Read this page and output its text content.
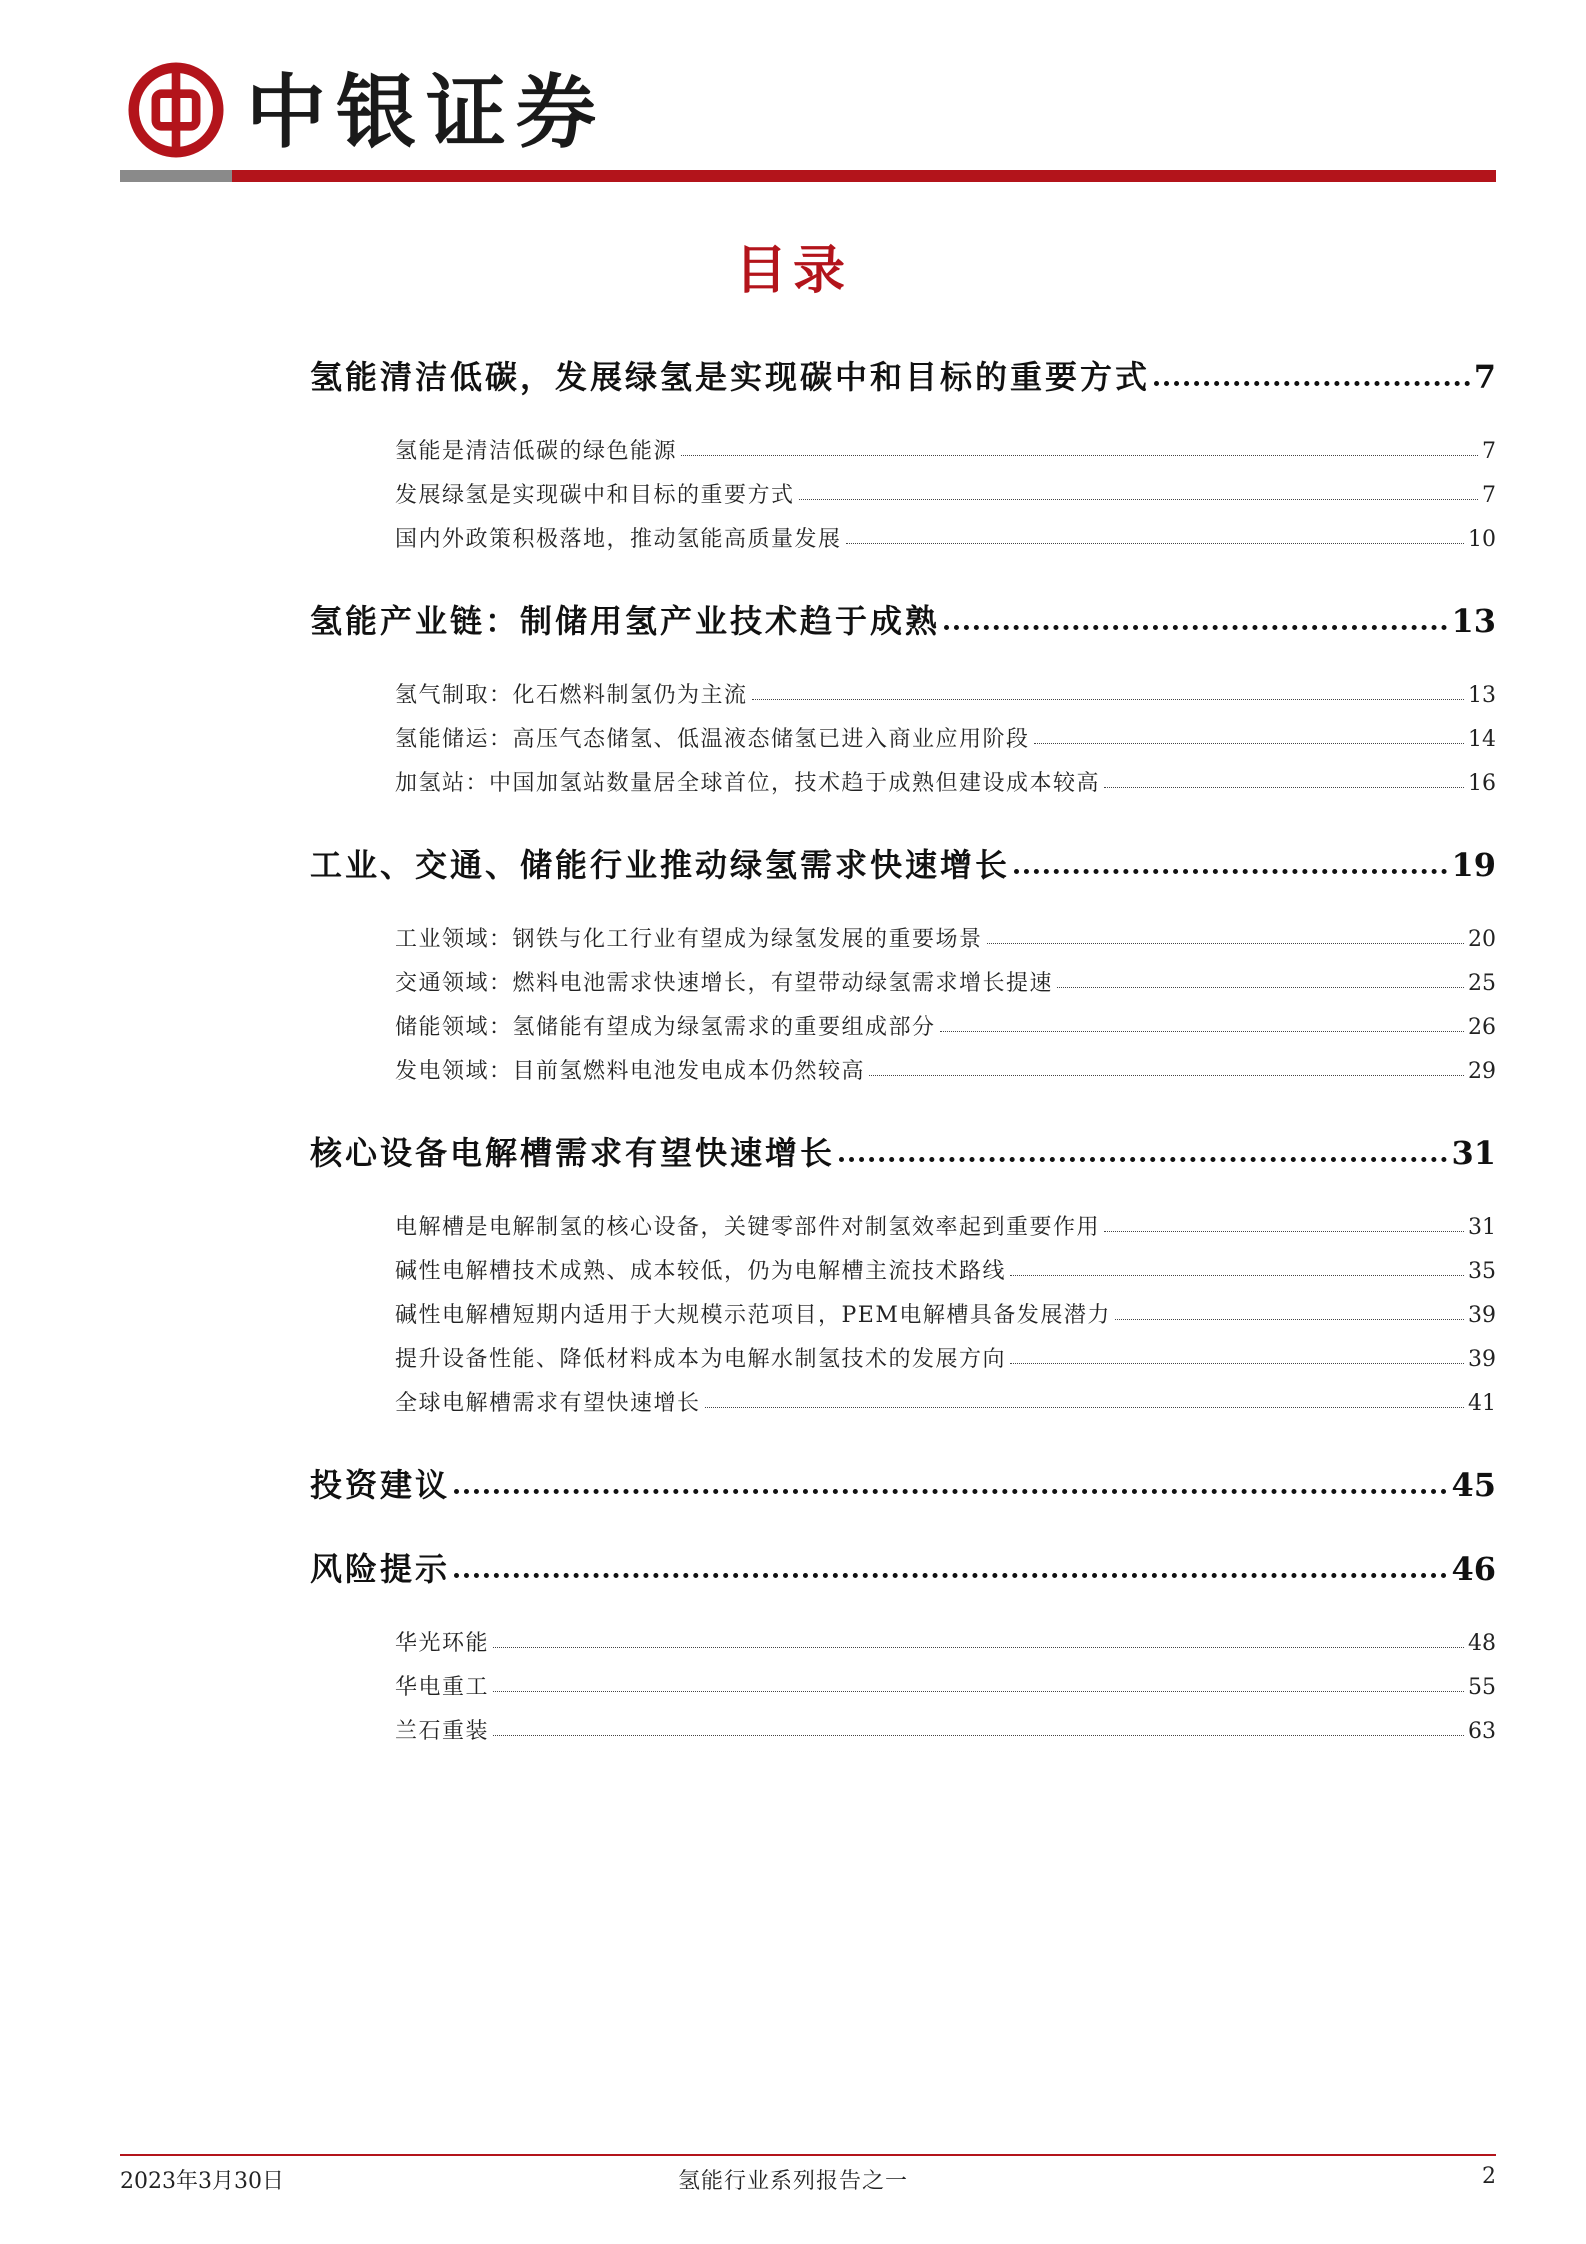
中银证券
目录
氢能清洁低碳，发展绿氢是实现碳中和目标的重要方式	7
氢能是清洁低碳的绿色能源	7
发展绿氢是实现碳中和目标的重要方式	7
国内外政策积极落地，推动氢能高质量发展	10
氢能产业链：制储用氢产业技术趋于成熟	13
氢气制取：化石燃料制氢仍为主流	13
氢能储运：高压气态储氢、低温液态储氢已进入商业应用阶段	14
加氢站：中国加氢站数量居全球首位，技术趋于成熟但建设成本较高	16
工业、交通、储能行业推动绿氢需求快速增长	19
工业领域：钢铁与化工行业有望成为绿氢发展的重要场景	20
交通领域：燃料电池需求快速增长，有望带动绿氢需求增长提速	25
储能领域：氢储能有望成为绿氢需求的重要组成部分	26
发电领域：目前氢燃料电池发电成本仍然较高	29
核心设备电解槽需求有望快速增长	31
电解槽是电解制氢的核心设备，关键零部件对制氢效率起到重要作用	31
碱性电解槽技术成熟、成本较低，仍为电解槽主流技术路线	35
碱性电解槽短期内适用于大规模示范项目，PEM电解槽具备发展潜力	39
提升设备性能、降低材料成本为电解水制氢技术的发展方向	39
全球电解槽需求有望快速增长	41
投资建议	45
风险提示	46
华光环能	48
华电重工	55
兰石重装	63
2023年3月30日	氢能行业系列报告之一	2
